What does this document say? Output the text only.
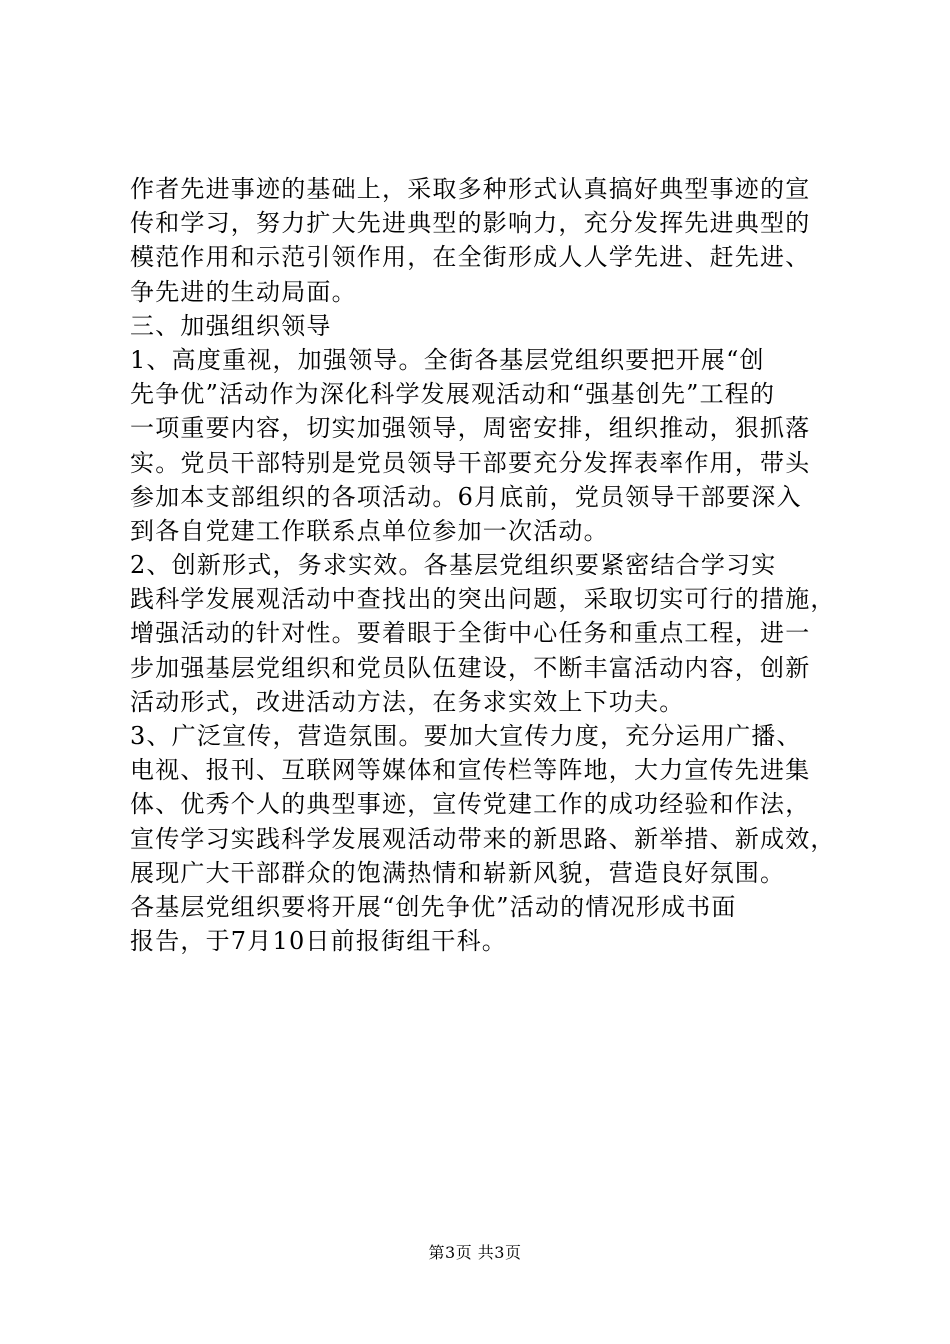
作者先进事迹的基础上，采取多种形式认真搞好典型事迹的宣
传和学习，努力扩大先进典型的影响力，充分发挥先进典型的
模范作用和示范引领作用，在全街形成人人学先进、赶先进、
争先进的生动局面。
三、加强组织领导
1、高度重视，加强领导。全街各基层党组织要把开展“创
先争优”活动作为深化科学发展观活动和“强基创先”工程的
一项重要内容，切实加强领导，周密安排，组织推动，狠抓落
实。党员干部特别是党员领导干部要充分发挥表率作用，带头
参加本支部组织的各项活动。6月底前，党员领导干部要深入
到各自党建工作联系点单位参加一次活动。
2、创新形式，务求实效。各基层党组织要紧密结合学习实
践科学发展观活动中查找出的突出问题，采取切实可行的措施，
增强活动的针对性。要着眼于全街中心任务和重点工程，进一
步加强基层党组织和党员队伍建设，不断丰富活动内容，创新
活动形式，改进活动方法，在务求实效上下功夫。
3、广泛宣传，营造氛围。要加大宣传力度，充分运用广播、
电视、报刊、互联网等媒体和宣传栏等阵地，大力宣传先进集
体、优秀个人的典型事迹，宣传党建工作的成功经验和作法，
宣传学习实践科学发展观活动带来的新思路、新举措、新成效，
展现广大干部群众的饱满热情和崭新风貌，营造良好氛围。
各基层党组织要将开展“创先争优”活动的情况形成书面
报告，于7月10日前报街组干科。
第3页 共3页
